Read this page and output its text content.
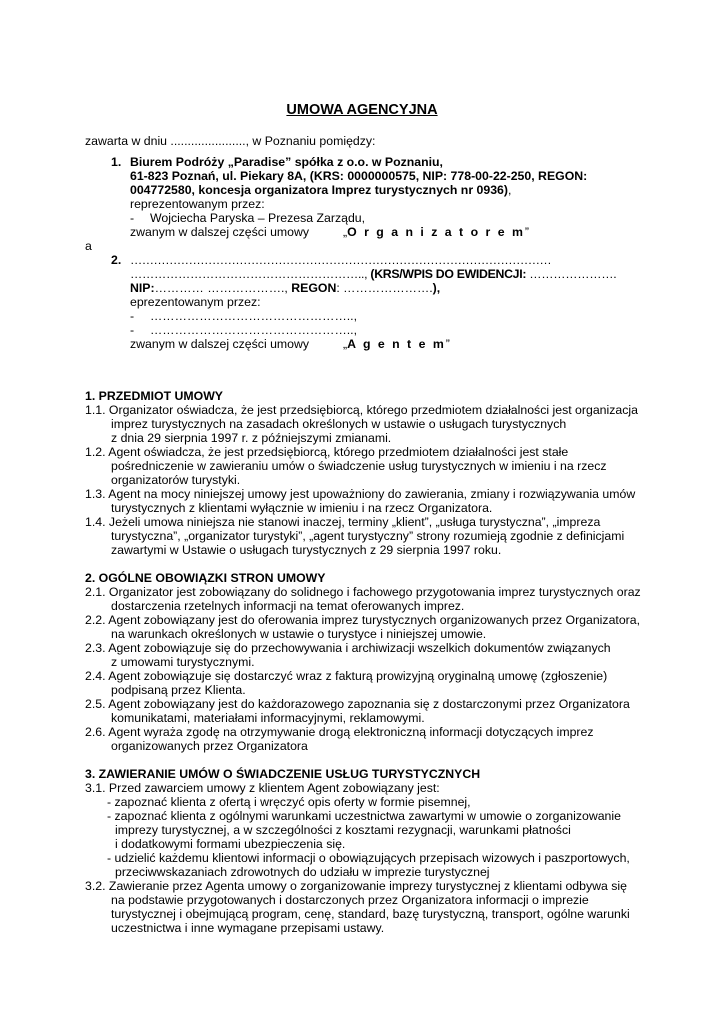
UMOWA AGENCYJNA
zawarta w dniu ......................, w Poznaniu pomiędzy:
1. Biurem Podróży „Paradise” spółka z o.o. w Poznaniu,
61-823 Poznań, ul. Piekary 8A, (KRS: 0000000575, NIP: 778-00-22-250, REGON:
004772580, koncesja organizatora Imprez turystycznych nr 0936),
reprezentowanym przez:
- Wojciecha Paryska – Prezesa Zarządu,
zwanym w dalszej części umowy	„O r g a n i z a t o r e m”
a
2. ………………………………………………………………………………………………
………………………………………………….., (KRS/WPIS DO EWIDENCJI: ………………….
NIP:………… ………………., REGON: ………………….),
eprezentowanym przez:
- …………………………………………..,
- …………………………………………..,
zwanym w dalszej części umowy	„A g e n t e m”
1. PRZEDMIOT UMOWY
1.1. Organizator oświadcza, że jest przedsiębiorcą, którego przedmiotem działalności jest organizacja
imprez turystycznych na zasadach określonych w ustawie o usługach turystycznych
z dnia 29 sierpnia 1997 r. z późniejszymi zmianami.
1.2. Agent oświadcza, że jest przedsiębiorcą, którego przedmiotem działalności jest stałe
pośredniczenie w zawieraniu umów o świadczenie usług turystycznych w imieniu i na rzecz
organizatorów turystyki.
1.3. Agent na mocy niniejszej umowy jest upoważniony do zawierania, zmiany i rozwiązywania umów
turystycznych z klientami wyłącznie w imieniu i na rzecz Organizatora.
1.4. Jeżeli umowa niniejsza nie stanowi inaczej, terminy „klient”, „usługa turystyczna”, „impreza
turystyczna”, „organizator turystyki”, „agent turystyczny” strony rozumieją zgodnie z definicjami
zawartymi w Ustawie o usługach turystycznych z 29 sierpnia 1997 roku.
2. OGÓLNE OBOWIĄZKI STRON UMOWY
2.1. Organizator jest zobowiązany do solidnego i fachowego przygotowania imprez turystycznych oraz
dostarczenia rzetelnych informacji na temat oferowanych imprez.
2.2. Agent zobowiązany jest do oferowania imprez turystycznych organizowanych przez Organizatora,
na warunkach określonych w ustawie o turystyce i niniejszej umowie.
2.3. Agent zobowiązuje się do przechowywania i archiwizacji wszelkich dokumentów związanych
z umowami turystycznymi.
2.4. Agent zobowiązuje się dostarczyć wraz z fakturą prowizyjną oryginalną umowę (zgłoszenie)
podpisaną przez Klienta.
2.5. Agent zobowiązany jest do każdorazowego zapoznania się z dostarczonymi przez Organizatora
komunikatami, materiałami informacyjnymi, reklamowymi.
2.6. Agent wyraża zgodę na otrzymywanie drogą elektroniczną informacji dotyczących imprez
organizowanych przez Organizatora
3. ZAWIERANIE UMÓW O ŚWIADCZENIE USŁUG TURYSTYCZNYCH
3.1. Przed zawarciem umowy z klientem Agent zobowiązany jest:
- zapoznać klienta z ofertą i wręczyć opis oferty w formie pisemnej,
- zapoznać klienta z ogólnymi warunkami uczestnictwa zawartymi w umowie o zorganizowanie
imprezy turystycznej, a w szczególności z kosztami rezygnacji, warunkami płatności
i dodatkowymi formami ubezpieczenia się.
- udzielić każdemu klientowi informacji o obowiązujących przepisach wizowych i paszportowych,
przeciwwskazaniach zdrowotnych do udziału w imprezie turystycznej
3.2. Zawieranie przez Agenta umowy o zorganizowanie imprezy turystycznej z klientami odbywa się
na podstawie przygotowanych i dostarczonych przez Organizatora informacji o imprezie
turystycznej i obejmującą program, cenę, standard, bazę turystyczną, transport, ogólne warunki
uczestnictwa i inne wymagane przepisami ustawy.
